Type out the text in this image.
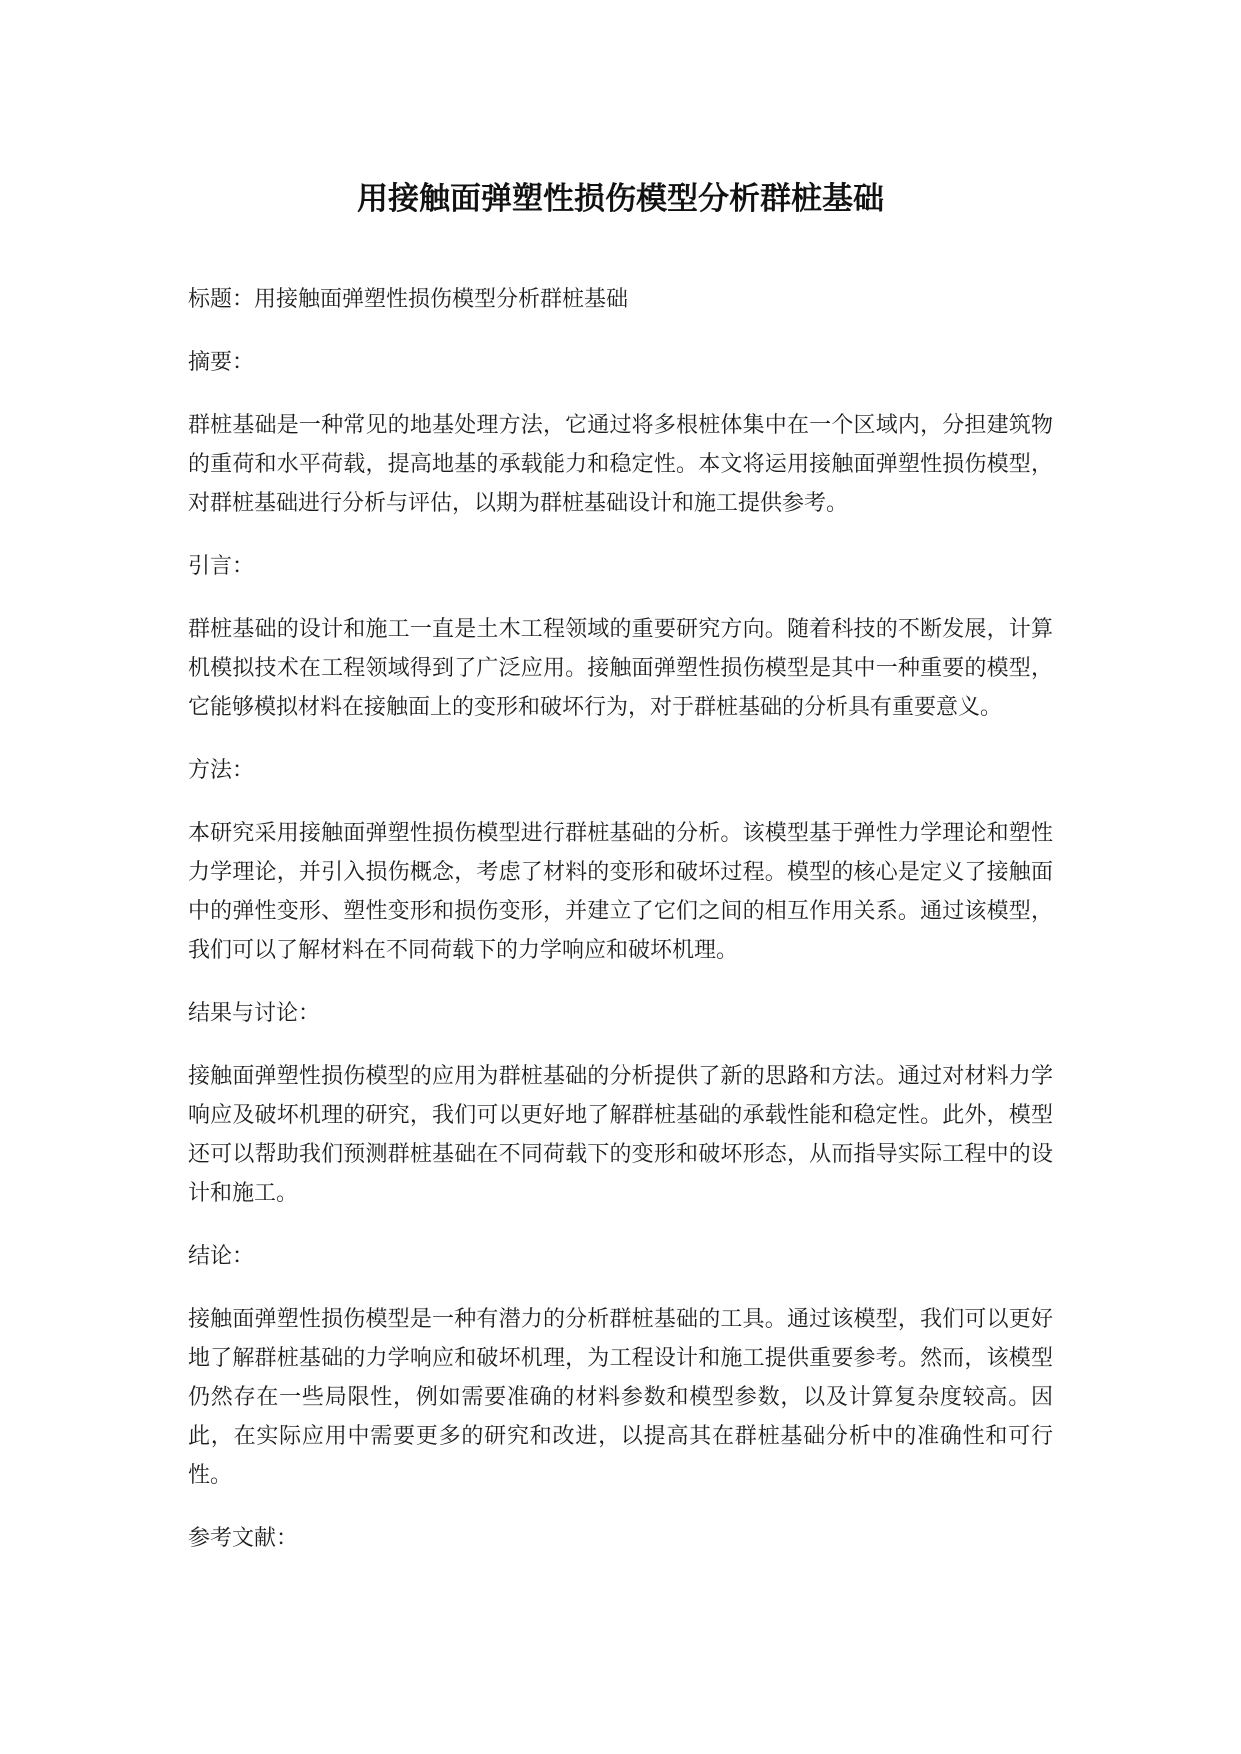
用接触面弹塑性损伤模型分析群桩基础

标题：用接触面弹塑性损伤模型分析群桩基础

摘要：

群桩基础是一种常见的地基处理方法，它通过将多根桩体集中在一个区域内，分担建筑物的重荷和水平荷载，提高地基的承载能力和稳定性。本文将运用接触面弹塑性损伤模型，对群桩基础进行分析与评估，以期为群桩基础设计和施工提供参考。

引言：

群桩基础的设计和施工一直是土木工程领域的重要研究方向。随着科技的不断发展，计算机模拟技术在工程领域得到了广泛应用。接触面弹塑性损伤模型是其中一种重要的模型，它能够模拟材料在接触面上的变形和破坏行为，对于群桩基础的分析具有重要意义。

方法：

本研究采用接触面弹塑性损伤模型进行群桩基础的分析。该模型基于弹性力学理论和塑性力学理论，并引入损伤概念，考虑了材料的变形和破坏过程。模型的核心是定义了接触面中的弹性变形、塑性变形和损伤变形，并建立了它们之间的相互作用关系。通过该模型，我们可以了解材料在不同荷载下的力学响应和破坏机理。

结果与讨论：

接触面弹塑性损伤模型的应用为群桩基础的分析提供了新的思路和方法。通过对材料力学响应及破坏机理的研究，我们可以更好地了解群桩基础的承载性能和稳定性。此外，模型还可以帮助我们预测群桩基础在不同荷载下的变形和破坏形态，从而指导实际工程中的设计和施工。

结论：

接触面弹塑性损伤模型是一种有潜力的分析群桩基础的工具。通过该模型，我们可以更好地了解群桩基础的力学响应和破坏机理，为工程设计和施工提供重要参考。然而，该模型仍然存在一些局限性，例如需要准确的材料参数和模型参数，以及计算复杂度较高。因此，在实际应用中需要更多的研究和改进，以提高其在群桩基础分析中的准确性和可行性。

参考文献：
